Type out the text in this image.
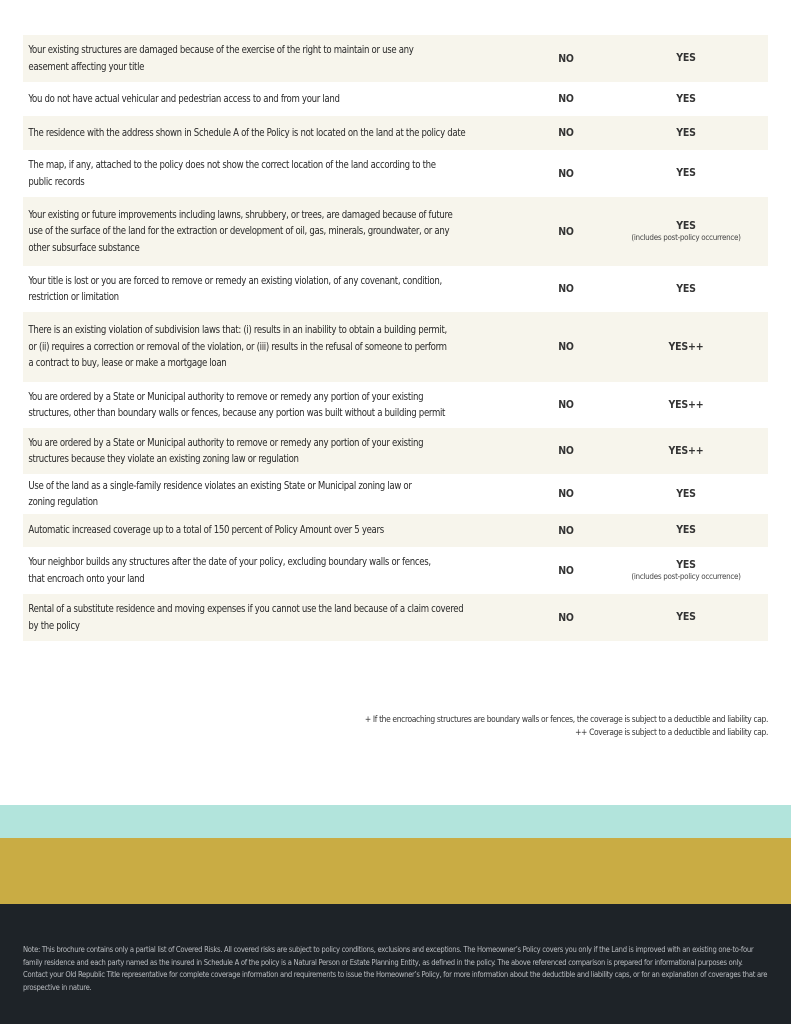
Your existing structures are damaged because of the exercise of the right to maintain or use any
easement affecting your title
NO	YES
You do not have actual vehicular and pedestrian access to and from your land	NO	YES
The residence with the address shown in Schedule A of the Policy is not located on the land at the policy date	NO	YES
The map, if any, attached to the policy does not show the correct location of the land according to the
public records
NO	YES
Your existing or future improvements including lawns, shrubbery, or trees, are damaged because of future
use of the surface of the land for the extraction or development of oil, gas, minerals, groundwater, or any
other subsurface substance
NO	YES
(includes post-policy occurrence)
Your title is lost or you are forced to remove or remedy an existing violation, of any covenant, condition,
restriction or limitation
NO	YES
There is an existing violation of subdivision laws that: (i) results in an inability to obtain a building permit,
or (ii) requires a correction or removal of the violation, or (iii) results in the refusal of someone to perform
a contract to buy, lease or make a mortgage loan
NO	YES++
You are ordered by a State or Municipal authority to remove or remedy any portion of your existing
structures, other than boundary walls or fences, because any portion was built without a building permit
NO	YES++
You are ordered by a State or Municipal authority to remove or remedy any portion of your existing
structures because they violate an existing zoning law or regulation
NO	YES++
Use of the land as a single-family residence violates an existing State or Municipal zoning law or
zoning regulation
NO	YES
Automatic increased coverage up to a total of 150 percent of Policy Amount over 5 years	NO	YES
Your neighbor builds any structures after the date of your policy, excluding boundary walls or fences,
that encroach onto your land
NO	YES
(includes post-policy occurrence)
Rental of a substitute residence and moving expenses if you cannot use the land because of a claim covered
by the policy
NO	YES
+ If the encroaching structures are boundary walls or fences, the coverage is subject to a deductible and liability cap.
++ Coverage is subject to a deductible and liability cap.
Note: This brochure contains only a partial list of Covered Risks. All covered risks are subject to policy conditions, exclusions and exceptions. The Homeowner’s Policy covers you only if the Land is improved with an existing one-to-four family residence and each party named as the insured in Schedule A of the policy is a Natural Person or Estate Planning Entity, as defined in the policy. The above referenced comparison is prepared for informational purposes only. Contact your Old Republic Title representative for complete coverage information and requirements to issue the Homeowner’s Policy, for more information about the deductible and liability caps, or for an explanation of coverages that are prospective in nature.
